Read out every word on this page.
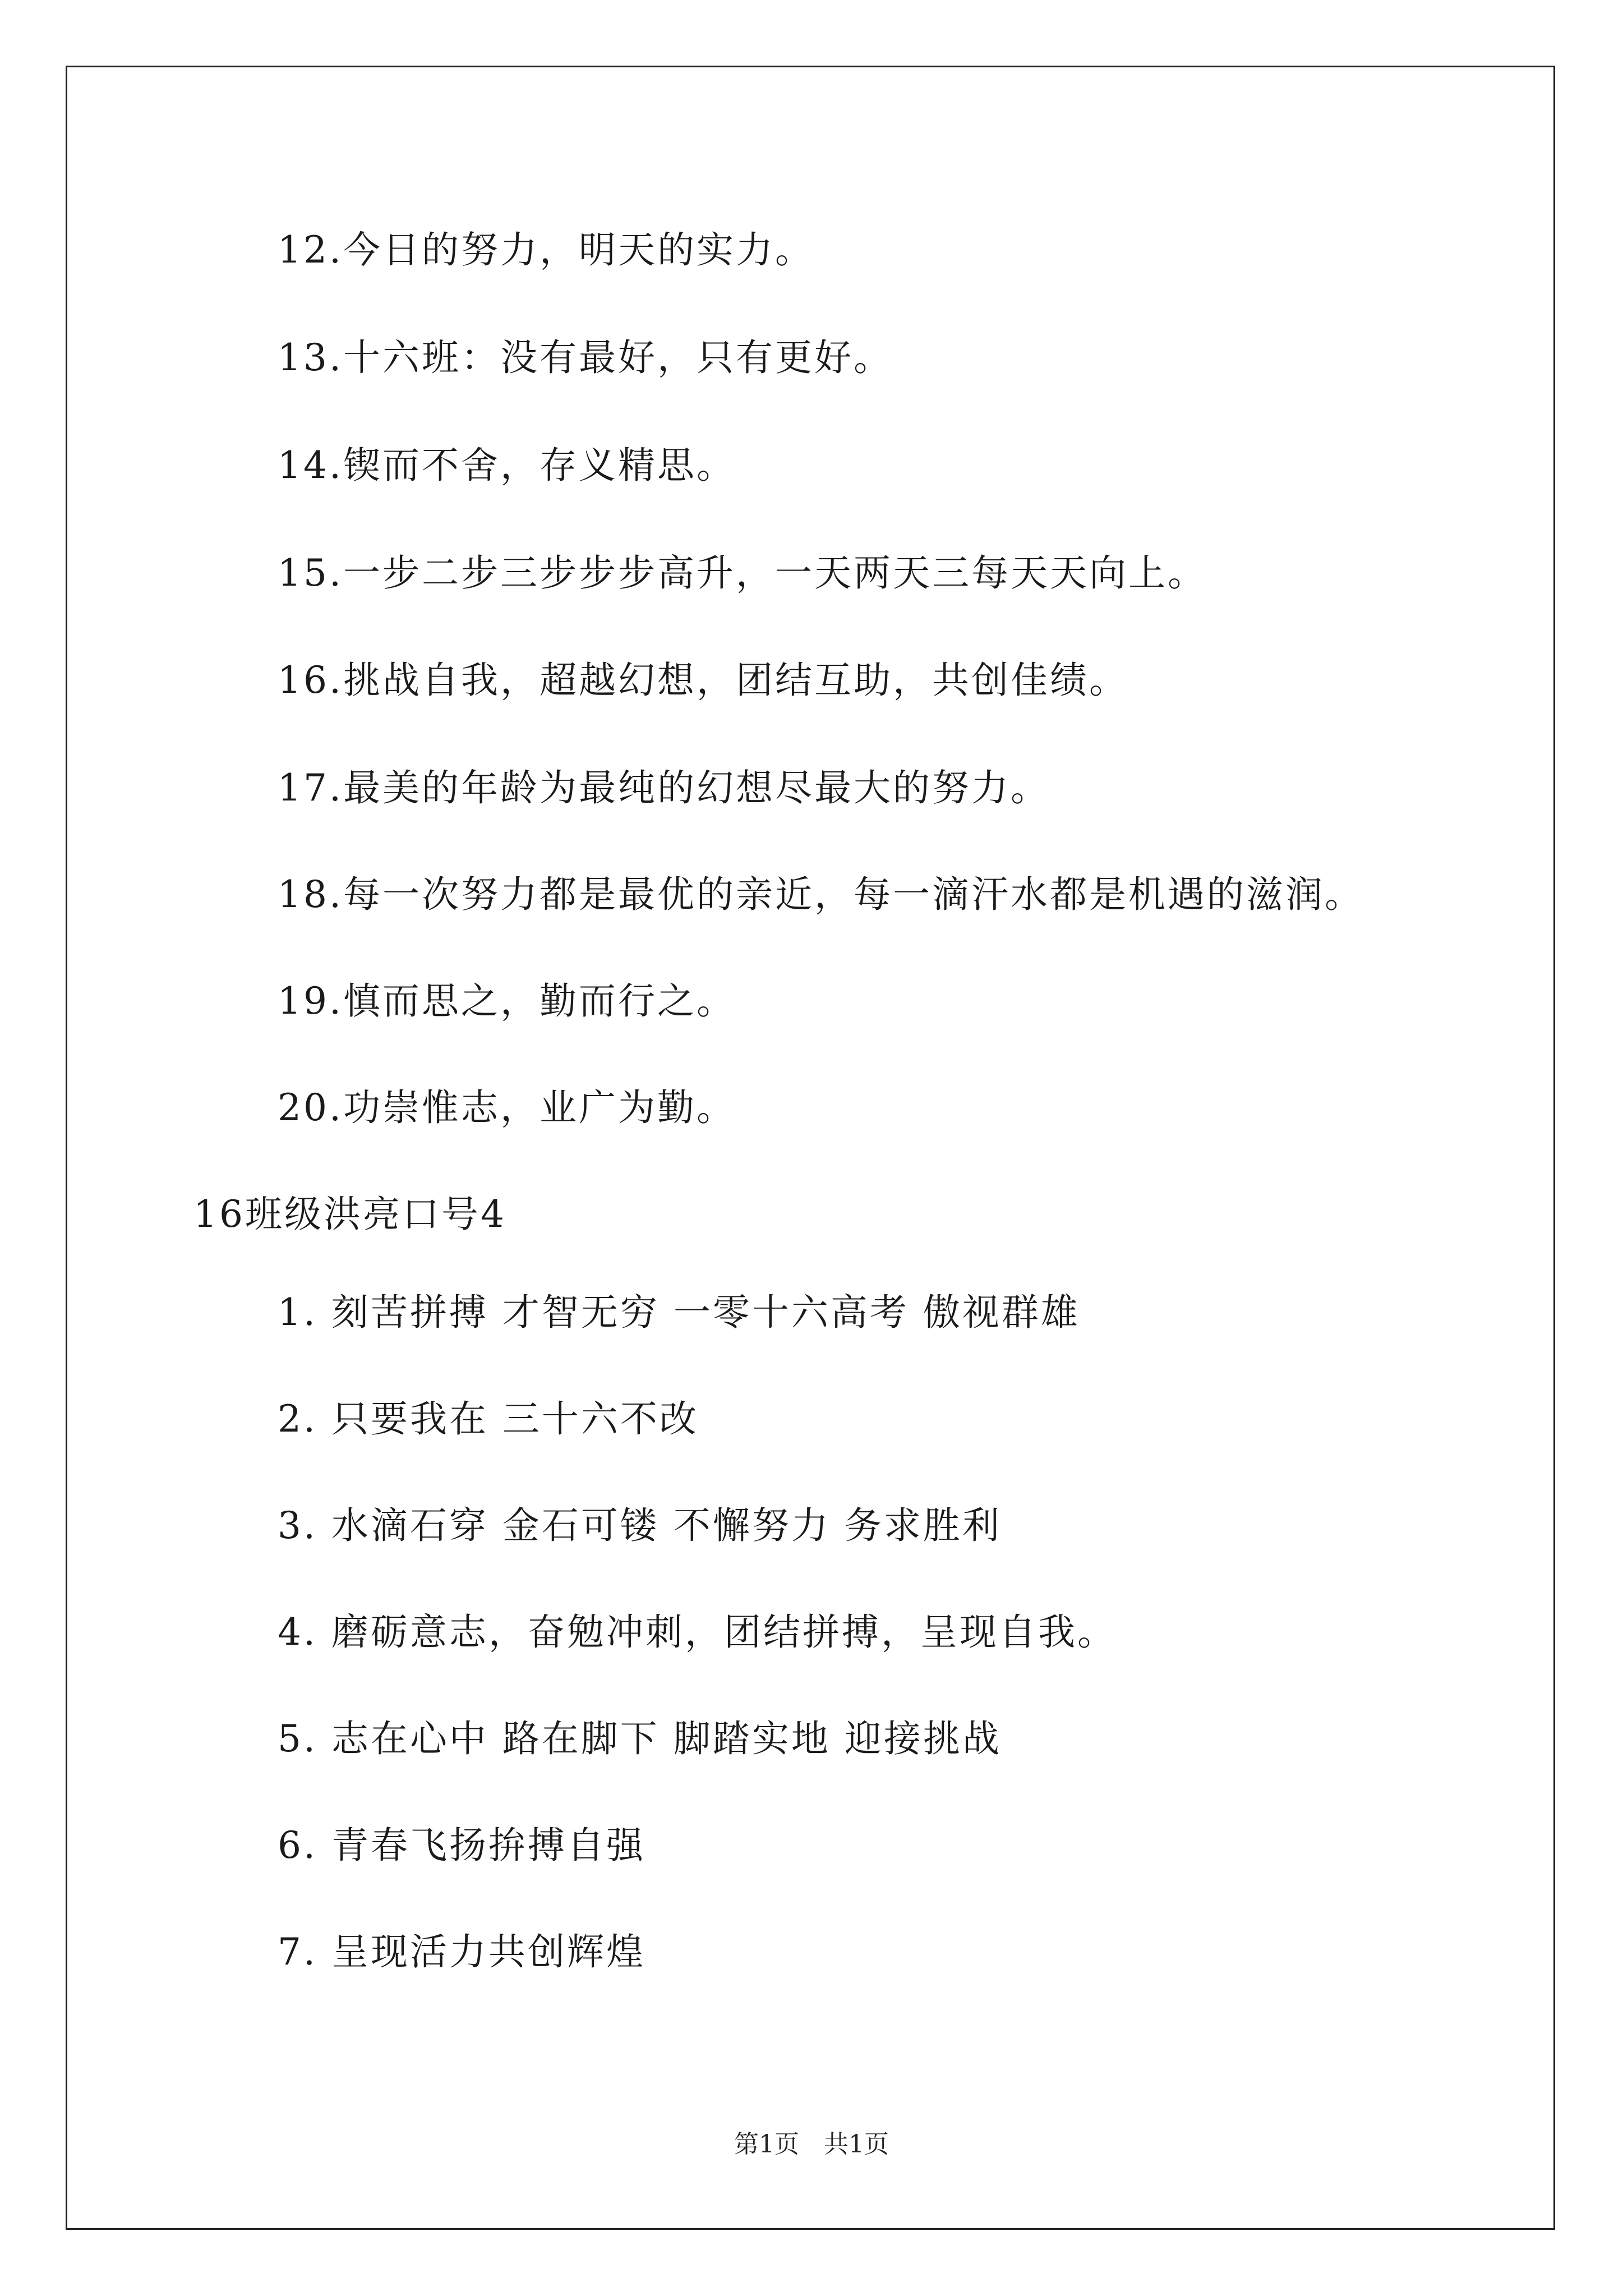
12.今日的努力，明天的实力。
13.十六班：没有最好，只有更好。
14.锲而不舍，存义精思。
15.一步二步三步步步高升，一天两天三每天天向上。
16.挑战自我，超越幻想，团结互助，共创佳绩。
17.最美的年龄为最纯的幻想尽最大的努力。
18.每一次努力都是最优的亲近，每一滴汗水都是机遇的滋润。
19.慎而思之，勤而行之。
20.功崇惟志，业广为勤。
16班级洪亮口号4
1. 刻苦拼搏 才智无穷 一零十六高考 傲视群雄
2. 只要我在 三十六不改
3. 水滴石穿 金石可镂 不懈努力 务求胜利
4. 磨砺意志，奋勉冲刺，团结拼搏，呈现自我。
5. 志在心中 路在脚下 脚踏实地 迎接挑战
6. 青春飞扬拚搏自强
7. 呈现活力共创辉煌
第1页　共1页
